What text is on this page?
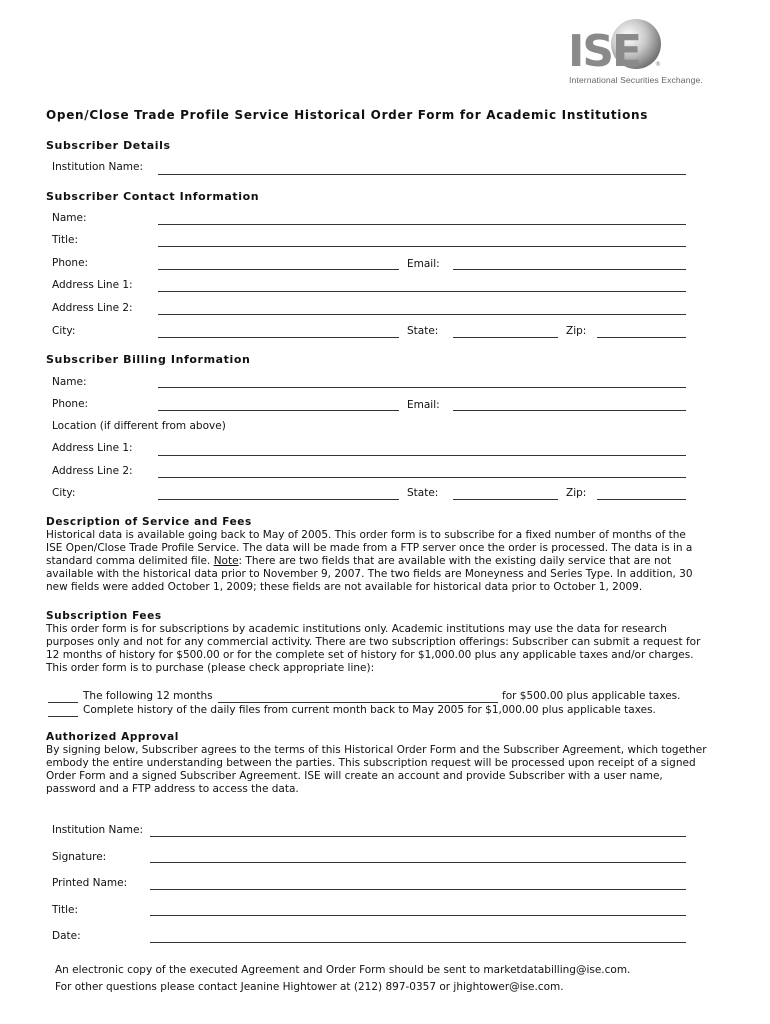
ISE ®
International Securities Exchange.
Open/Close Trade Profile Service Historical Order Form for Academic Institutions
Subscriber Details
Institution Name:
Subscriber Contact Information
Name:
Title:
Phone:	Email:
Address Line 1:
Address Line 2:
City:	State:	Zip:
Subscriber Billing Information
Name:
Phone:	Email:
Location (if different from above)
Address Line 1:
Address Line 2:
City:	State:	Zip:
Description of Service and Fees
Historical data is available going back to May of 2005. This order form is to subscribe for a fixed number of months of the
ISE Open/Close Trade Profile Service. The data will be made from a FTP server once the order is processed. The data is in a
standard comma delimited file. Note: There are two fields that are available with the existing daily service that are not
available with the historical data prior to November 9, 2007. The two fields are Moneyness and Series Type. In addition, 30
new fields were added October 1, 2009; these fields are not available for historical data prior to October 1, 2009.
Subscription Fees
This order form is for subscriptions by academic institutions only. Academic institutions may use the data for research
purposes only and not for any commercial activity. There are two subscription offerings: Subscriber can submit a request for
12 months of history for $500.00 or for the complete set of history for $1,000.00 plus any applicable taxes and/or charges.
This order form is to purchase (please check appropriate line):
The following 12 months	for $500.00 plus applicable taxes.
Complete history of the daily files from current month back to May 2005 for $1,000.00 plus applicable taxes.
Authorized Approval
By signing below, Subscriber agrees to the terms of this Historical Order Form and the Subscriber Agreement, which together
embody the entire understanding between the parties. This subscription request will be processed upon receipt of a signed
Order Form and a signed Subscriber Agreement. ISE will create an account and provide Subscriber with a user name,
password and a FTP address to access the data.
Institution Name:
Signature:
Printed Name:
Title:
Date:
An electronic copy of the executed Agreement and Order Form should be sent to marketdatabilling@ise.com.
For other questions please contact Jeanine Hightower at (212) 897-0357 or jhightower@ise.com.
